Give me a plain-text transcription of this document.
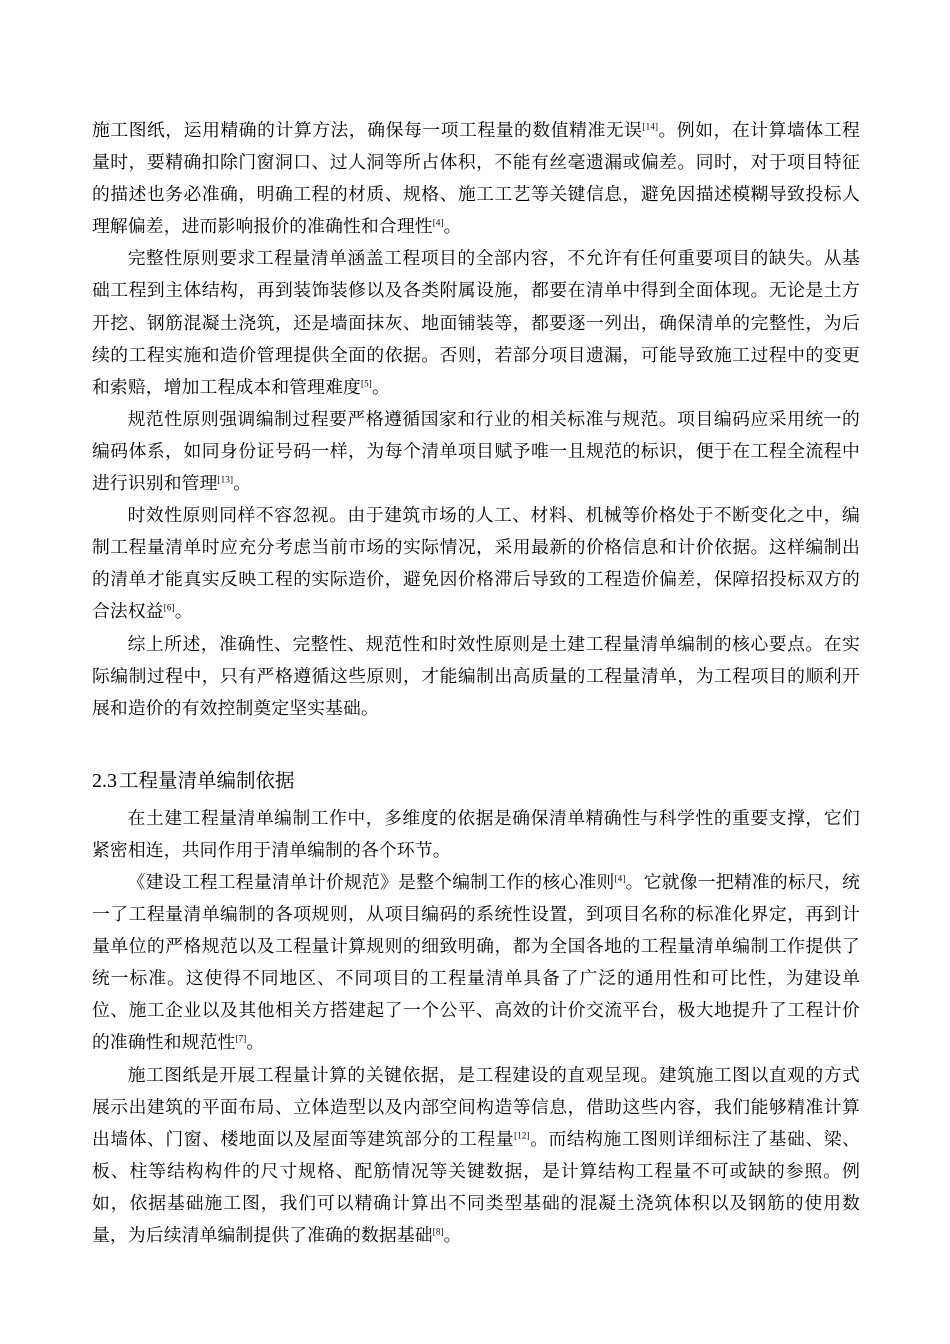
施工图纸，运用精确的计算方法，确保每一项工程量的数值精准无误[14]。例如，在计算墙体工程量时，要精确扣除门窗洞口、过人洞等所占体积，不能有丝毫遗漏或偏差。同时，对于项目特征的描述也务必准确，明确工程的材质、规格、施工工艺等关键信息，避免因描述模糊导致投标人理解偏差，进而影响报价的准确性和合理性[4]。

完整性原则要求工程量清单涵盖工程项目的全部内容，不允许有任何重要项目的缺失。从基础工程到主体结构，再到装饰装修以及各类附属设施，都要在清单中得到全面体现。无论是土方开挖、钢筋混凝土浇筑，还是墙面抹灰、地面铺装等，都要逐一列出，确保清单的完整性，为后续的工程实施和造价管理提供全面的依据。否则，若部分项目遗漏，可能导致施工过程中的变更和索赔，增加工程成本和管理难度[5]。

规范性原则强调编制过程要严格遵循国家和行业的相关标准与规范。项目编码应采用统一的编码体系，如同身份证号码一样，为每个清单项目赋予唯一且规范的标识，便于在工程全流程中进行识别和管理[13]。

时效性原则同样不容忽视。由于建筑市场的人工、材料、机械等价格处于不断变化之中，编制工程量清单时应充分考虑当前市场的实际情况，采用最新的价格信息和计价依据。这样编制出的清单才能真实反映工程的实际造价，避免因价格滞后导致的工程造价偏差，保障招投标双方的合法权益[6]。

综上所述，准确性、完整性、规范性和时效性原则是土建工程量清单编制的核心要点。在实际编制过程中，只有严格遵循这些原则，才能编制出高质量的工程量清单，为工程项目的顺利开展和造价的有效控制奠定坚实基础。

2.3 工程量清单编制依据

在土建工程量清单编制工作中，多维度的依据是确保清单精确性与科学性的重要支撑，它们紧密相连，共同作用于清单编制的各个环节。

《建设工程工程量清单计价规范》是整个编制工作的核心准则[4]。它就像一把精准的标尺，统一了工程量清单编制的各项规则，从项目编码的系统性设置，到项目名称的标准化界定，再到计量单位的严格规范以及工程量计算规则的细致明确，都为全国各地的工程量清单编制工作提供了统一标准。这使得不同地区、不同项目的工程量清单具备了广泛的通用性和可比性，为建设单位、施工企业以及其他相关方搭建起了一个公平、高效的计价交流平台，极大地提升了工程计价的准确性和规范性[7]。

施工图纸是开展工程量计算的关键依据，是工程建设的直观呈现。建筑施工图以直观的方式展示出建筑的平面布局、立体造型以及内部空间构造等信息，借助这些内容，我们能够精准计算出墙体、门窗、楼地面以及屋面等建筑部分的工程量[12]。而结构施工图则详细标注了基础、梁、板、柱等结构构件的尺寸规格、配筋情况等关键数据，是计算结构工程量不可或缺的参照。例如，依据基础施工图，我们可以精确计算出不同类型基础的混凝土浇筑体积以及钢筋的使用数量，为后续清单编制提供了准确的数据基础[8]。
